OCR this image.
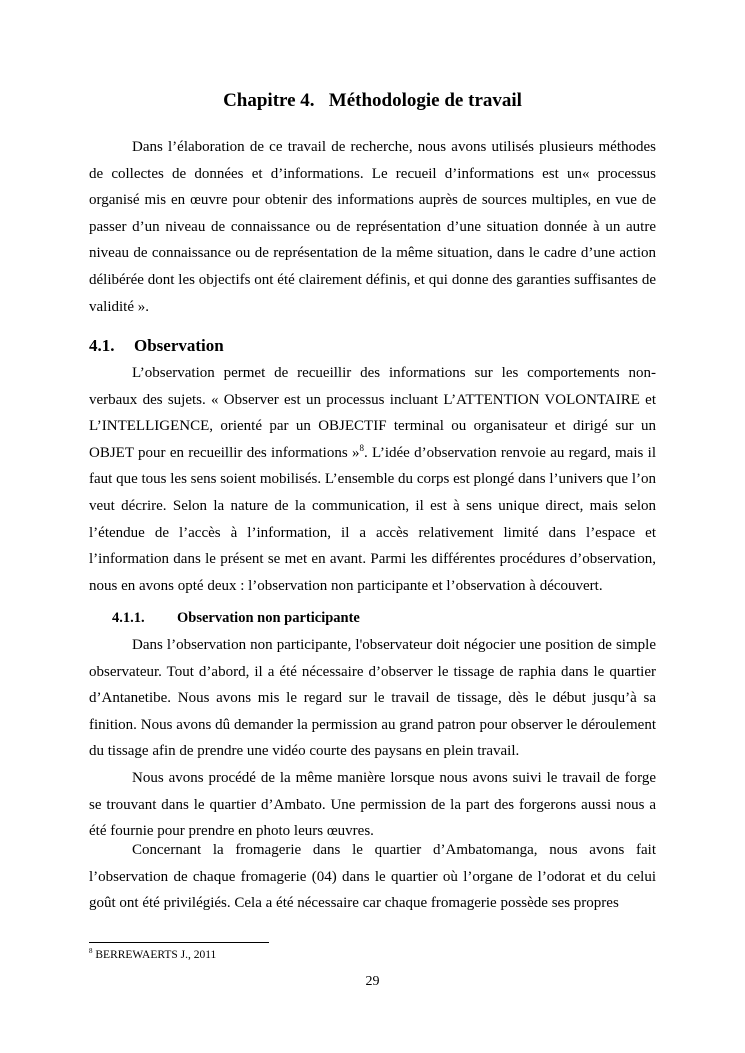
Chapitre 4. Méthodologie de travail

Dans l’élaboration de ce travail de recherche, nous avons utilisés plusieurs méthodes de collectes de données et d’informations. Le recueil d’informations est un« processus organisé mis en œuvre pour obtenir des informations auprès de sources multiples, en vue de passer d’un niveau de connaissance ou de représentation d’une situation donnée à un autre niveau de connaissance ou de représentation de la même situation, dans le cadre d’une action délibérée dont les objectifs ont été clairement définis, et qui donne des garanties suffisantes de validité ».

4.1. Observation

L’observation permet de recueillir des informations sur les comportements non-verbaux des sujets. « Observer est un processus incluant L’ATTENTION VOLONTAIRE et L’INTELLIGENCE, orienté par un OBJECTIF terminal ou organisateur et dirigé sur un OBJET pour en recueillir des informations »$^8$. L’idée d’observation renvoie au regard, mais il faut que tous les sens soient mobilisés. L’ensemble du corps est plongé dans l’univers que l’on veut décrire. Selon la nature de la communication, il est à sens unique direct, mais selon l’étendue de l’accès à l’information, il a accès relativement limité dans l’espace et l’information dans le présent se met en avant. Parmi les différentes procédures d’observation, nous en avons opté deux : l’observation non participante et l’observation à découvert.

4.1.1. Observation non participante

Dans l’observation non participante, l'observateur doit négocier une position de simple observateur. Tout d’abord, il a été nécessaire d’observer le tissage de raphia dans le quartier d’Antanetibe. Nous avons mis le regard sur le travail de tissage, dès le début jusqu’à sa finition. Nous avons dû demander la permission au grand patron pour observer le déroulement du tissage afin de prendre une vidéo courte des paysans en plein travail.

Nous avons procédé de la même manière lorsque nous avons suivi le travail de forge se trouvant dans le quartier d’Ambato. Une permission de la part des forgerons aussi nous a été fournie pour prendre en photo leurs œuvres.

Concernant la fromagerie dans le quartier d’Ambatomanga, nous avons fait l’observation de chaque fromagerie (04) dans le quartier où l’organe de l’odorat et du celui goût ont été privilégiés. Cela a été nécessaire car chaque fromagerie possède ses propres

$^8$ BERREWAERTS J., 2011
29
